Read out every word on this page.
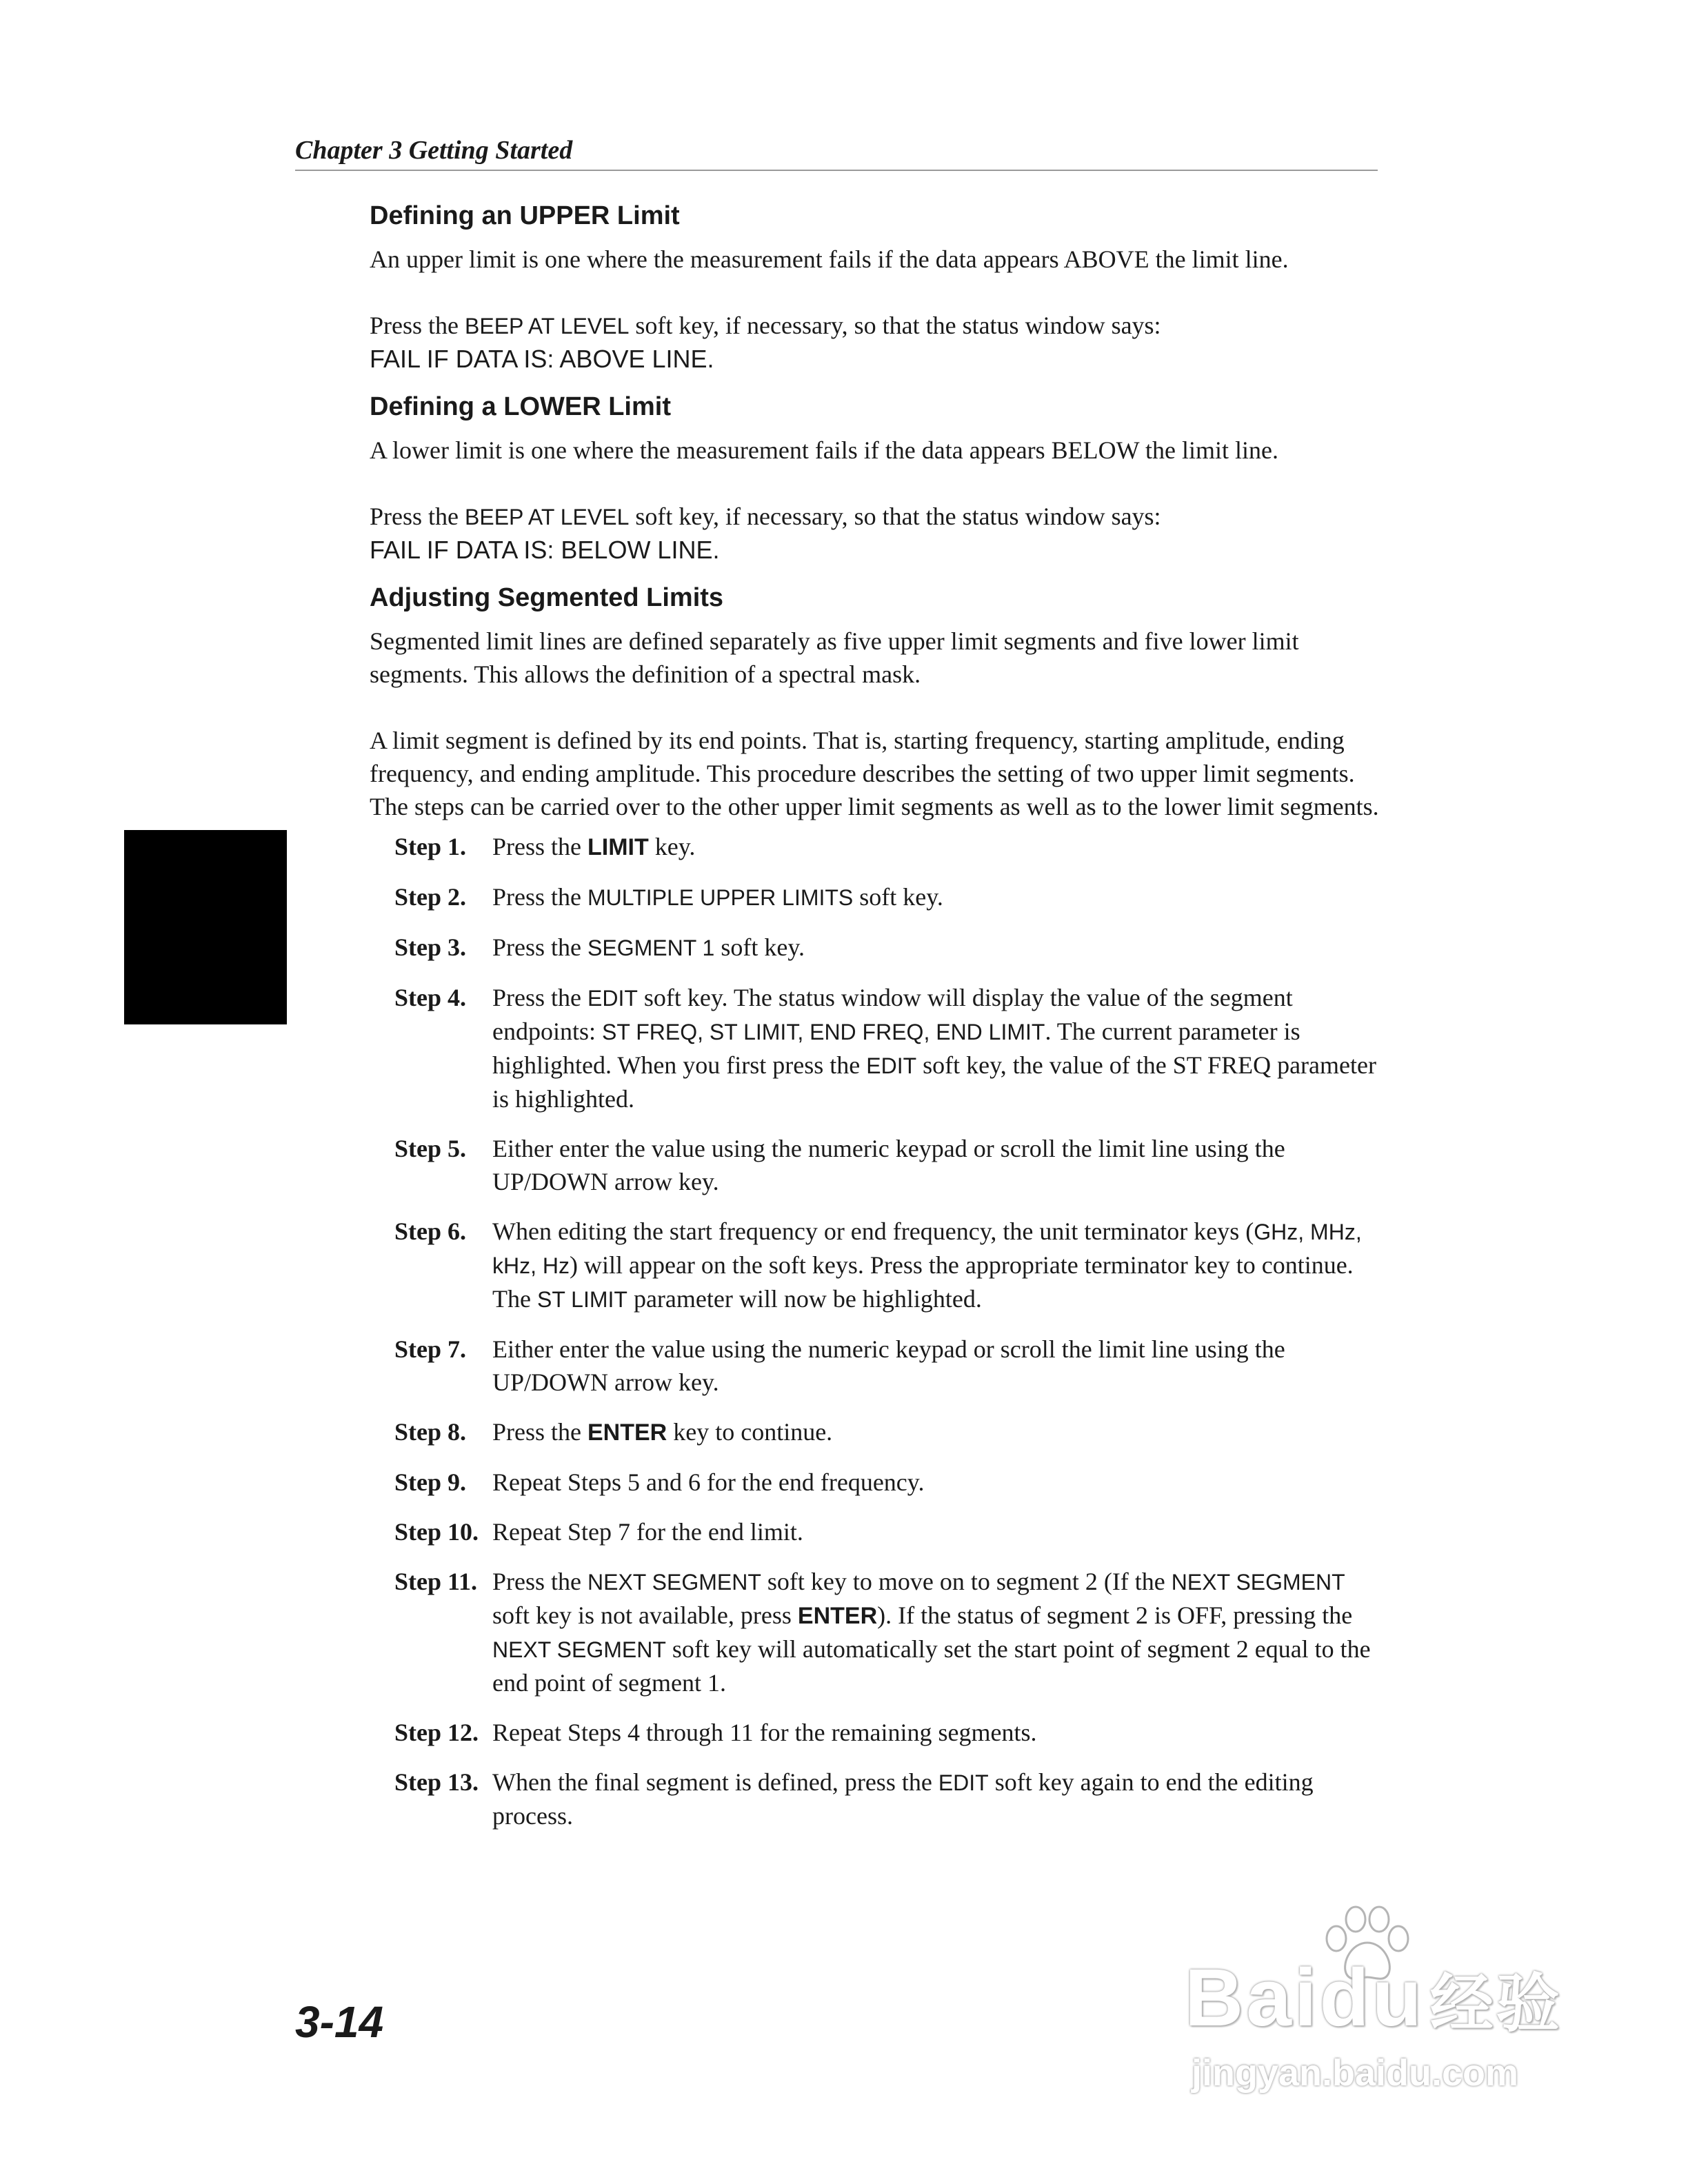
Chapter 3 Getting Started
Defining an UPPER Limit

An upper limit is one where the measurement fails if the data appears ABOVE the limit line.

Press the BEEP AT LEVEL soft key, if necessary, so that the status window says:

FAIL IF DATA IS: ABOVE LINE.

Defining a LOWER Limit

A lower limit is one where the measurement fails if the data appears BELOW the limit line.

Press the BEEP AT LEVEL soft key, if necessary, so that the status window says:

FAIL IF DATA IS: BELOW LINE.

Adjusting Segmented Limits

Segmented limit lines are defined separately as five upper limit segments and five lower limit segments. This allows the definition of a spectral mask.

A limit segment is defined by its end points. That is, starting frequency, starting amplitude, ending frequency, and ending amplitude. This procedure describes the setting of two upper limit segments. The steps can be carried over to the other upper limit segments as well as to the lower limit segments.

Step 1.	Press the LIMIT key.
Step 2.	Press the MULTIPLE UPPER LIMITS soft key.
Step 3.	Press the SEGMENT 1 soft key.
Step 4.	Press the EDIT soft key. The status window will display the value of the segment endpoints: ST FREQ, ST LIMIT, END FREQ, END LIMIT. The current parameter is highlighted. When you first press the EDIT soft key, the value of the ST FREQ parameter is highlighted.
Step 5.	Either enter the value using the numeric keypad or scroll the limit line using the UP/DOWN arrow key.
Step 6.	When editing the start frequency or end frequency, the unit terminator keys (GHz, MHz, kHz, Hz) will appear on the soft keys. Press the appropriate terminator key to continue. The ST LIMIT parameter will now be highlighted.
Step 7.	Either enter the value using the numeric keypad or scroll the limit line using the UP/DOWN arrow key.
Step 8.	Press the ENTER key to continue.
Step 9.	Repeat Steps 5 and 6 for the end frequency.
Step 10. Repeat Step 7 for the end limit.
Step 11. Press the NEXT SEGMENT soft key to move on to segment 2 (If the NEXT SEGMENT soft key is not available, press ENTER). If the status of segment 2 is OFF, pressing the NEXT SEGMENT soft key will automatically set the start point of segment 2 equal to the end point of segment 1.
Step 12. Repeat Steps 4 through 11 for the remaining segments.
Step 13. When the final segment is defined, press the EDIT soft key again to end the editing process.
3-14	Baidu经验
jingyan.baidu.com
